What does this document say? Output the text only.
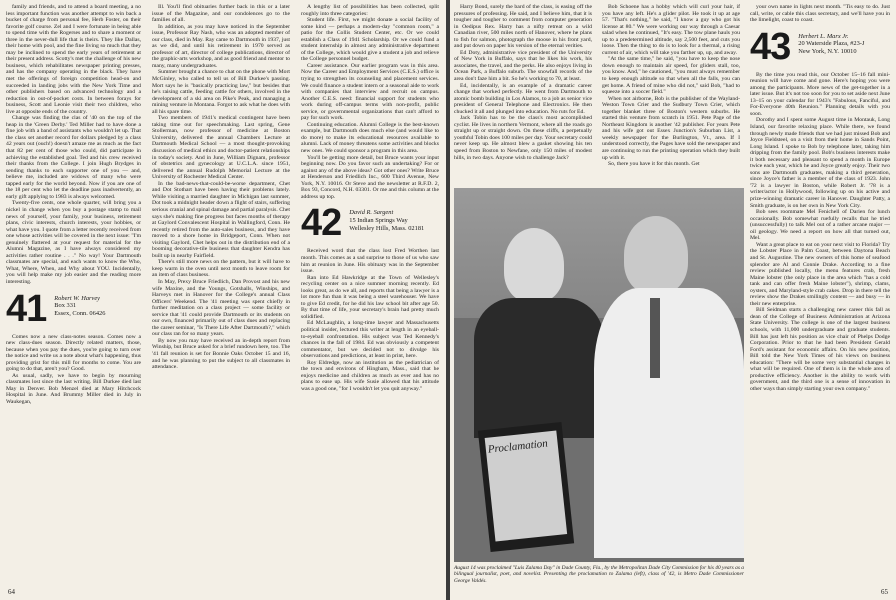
family and friends, and to attend a board meeting, a no less important function was another attempt to win back a bucket of charge from personal fee, Herb Foster, on their favorite golf course. Zel and I were fortunate in being able to spend time with the Rogerses and to share a moment or three in the never-dull life that is theirs. They like Dallas, their home with pool, and the fine living so much that they may be inclined to spend the early years of retirement at their present address. Scotty's met the challenge of his new business, which rehabilitates newspaper printing presses, and has the company operating in the black. They have met the offerings of foreign competition head-on and succeeded in landing jobs with the New York Time and other publishers based on advanced technology and a reduction in out-of-pocket costs. In between forays for business, Scott and Leonie visit their two children, who live at opposite ends of the country.

Change was finding the clas of '40 on the top of the heap in the 'Green Derby.' Ted Miller had to have done a fine job with a band of assistants who wouldn't let up. That the class set another record for dollars pledged by a class 42 years out (ouch!) doesn't amaze me as much as the fact that 82 per cent of those who could, did participate in achieving the established goal. Ted and his crew received their thanks from the College. I join Hugh Brydges in sending thanks to each supporter one of you — and, believe me, included are widows of many who were tapped early for the world beyond. Now if you are one of the 18 per cent who let the deadline pass inadvertently, an early gift applying to 1983 is always welcomed.

Twenty-five cents, one whole quarter, will bring you a nickel in change when you buy a postage stamp to mail news of yourself, your family, your business, retirement plans, civic interests, church interests, your hobbies, or what have you. I quote from a letter recently received from one whose activities will be covered in the next issue: "I'm genuinely flattered at your request for material for the Alumni Magazine, as I have always considered my activities rather routine . . ." No way! Your Dartmouth classmates are special, and each wants to know the Who, What, Where, When, and Why about YOU. Incidentally, you will help make my job easier and the reading more interesting.

41 Robert W. Harvey
Box 331
Essex, Conn. 06426

Comes now a new class-notes season. Comes now a new class-dues season. Directly related matters, those, because when you pay the dues, you're going to turn over the notice and write us a note about what's happening, thus providing grist for this mill for months to come. You are going to do that, aren't you? Good.

As usual, sadly, we have to begin by mourning classmates lost since the last writing. Bill Durkee died last May in Denver. Bob Menzel died at Mary Hitchcock Hospital in June. And Brummy Miller died in July in Waukegan,

Ill. You'll find obituaries further back in this or a later issue of the Magazine, and our condolences go to the families of all.

In addition, as you may have noticed in the September issue, Professor Ray Nash, who was an adopted member of our class, died in May. Ray came to Dartmouth in 1937, just as we did, and until his retirement in 1970 served as professor of art, director of college publications, director of the graphic-arts workshop, and as good friend and mentor to many, many undergraduates.

Summer brought a chance to chat on the phone with Mort McGinley, who called to tell us of Bill Durkee's passing. Mort says he is "basically practicing law," but besides that he's raising cattle, feeding cattle for others, involved in the development of a ski area on Pike's Peak, and managing a mining venture in Montana. Forgot to ask what he does with all his spare time.

Two members of 1941's medical contingent have been taking time out for speechmaking. Last spring, Gene Stollerman, now professor of medicine at Boston University, delivered the annual Chambers Lecture at Dartmouth Medical School — a most thought-provoking discussion of medical ethics and doctor-patient relationships in today's society. And in June, William Dignam, professor of obstetrics and gynecology at U.C.L.A. since 1951, delivered the annual Rudolph Memorial Lecture at the University of Rochester Medical Center.

In the bad-news-that-could-be-worse department, Chet and Dot Stothart have been having their problems lately. While visiting a married daughter in Michigan last summer, Dot took a midnight header down a flight of stairs, suffering serious cranial and spinal damage and partial paralysis. Chet says she's making fine progress but faces months of therapy at Gaylord Convalescent Hospital in Wallingford, Conn. He recently retired from the auto-sales business, and they have moved to a shore home in Bridgeport, Conn. When not visiting Gaylord, Chet helps out in the distribution end of a booming decorative-tile business that daughter Kendra has built up in nearby Fairfield.

There's still more news on the pattern, but it will have to keep warm in the oven until next month to leave room for an item of class business.

In May, Prexy Bruce Friedlich, Dan Provost and his new wife Maxine, and the Youngs, Gotshalls, Winships, and Harveys met in Hanover for the College's annual Class Officers' Weekend. The '41 meeting was spent chiefly in further meditation on a class project — some facility or service that '41 could provide Dartmouth or its students on our own, financed primarily out of class dues and replacing the career seminar, "Is There Life After Dartmouth?," which our class ran for so many years.

By now you may have received an in-depth report from Winship, but Bruce asked for a brief rundown here, too. The '41 fall reunion is set for Bonnie Oaks October 15 and 16, and he was planning to put the subject to all classmates in attendance.

A lengthy list of possibilities has been collected, split roughly into three categories:

Student life. First, we might donate a social facility of some kind — perhaps a modern-day "common room," a patio for the Collis Student Center, etc. Or we could establish a Class of 1941 Scholarship. Or we could fund a student internship in almost any administrative department of the College, which would give a student a job and relieve the College personnel budget.

Career assistance. Our earlier program was in this area. Now the Career and Employment Services (C.E.S.) office is trying to strengthen its counseling and placement services. We could finance a student intern or a seasonal aide to work with companies that interview and recruit on campus. Another C.E.S. need: financial support for students who work during off-campus terms with non-profit, public service, or governmental organizations that can't afford to pay for such work.

Continuing education. Alumni College is the best-known example, but Dartmouth does much else (and would like to do more) to make its educational resources available to alumni. Lack of money threatens some activities and blocks new ones. We could sponsor a program in this area.

You'll be getting more detail, but Bruce wants your input beginning now. Do you favor such an undertaking? For or against any of the above ideas? Got other ones? Write Bruce at Henderson and Friedlich Inc., 600 Third Avenue, New York, N.Y. 10016. Or Steve and the newsletter at R.F.D. 2, Box 93, Concord, N.H. 03301. Or me and this column at the address up top.

42 David R. Sargent
15 Indian Springs Way
Wellesley Hills, Mass. 02181

Received word that the class lost Fred Worthen last month. This comes as a sad surprise to those of us who saw him at reunion in June. His obituary was in the September issue.

Ran into Ed Hawkridge at the Town of Wellesley's recycling center on a nice summer morning recently. Ed looks great, as do we all, and reports that being a lawyer is a lot more fun than it was being a steel warehouser. We have to give Ed credit, for he did his law school bit after age 50. By that time of life, your secretary's brain had pretty much solidified.

Ed McLaughlin, a long-time lawyer and Massachusetts political insider, lectured this writer at length in an eyeball-to-eyeball confrontation. His subject was Ted Kennedy's chances in the fall of 1984. Ed was obviously a competent commentator, but we decided not to divulge his observations and predictions, at least in print, here.

Roy Eldredge, now an institution as the pediatrician of the town and environs of Hingham, Mass., said that he enjoys medicine and children as much as ever and has no plans to ease up. His wife Susie allowed that his attitude was a good one, "for I wouldn't let you quit anyway."

64

Harry Bond, surely the bard of the class, is easing off the pressures of professing. He said, and I believe him, that it is tougher and tougher to comment from computer generation in Oedipus Rex. Harry has a nifty retreat on a wild Canadian river, 500 miles north of Hanover, where he plans to fish for salmon, photograph the moose in his front yard, and put down on paper his version of the eternal verities.

Ed Doty, administrative vice president of the University of New York in Buffalo, says that he likes his work, his associates, the travel, and the perks. He also enjoys living in Ocean Park, a Buffalo suburb. The snowfall records of the area don't faze him a bit. So he's working to 70, at least.

Ed, incidentally, is an example of a dramatic career change that worked perfectly. He went from Dartmouth to atomic bomb building in Los Alamos, to a job as senior vice president of General Telephone and Electronics. He then chucked it all and plunged into education. No ruts for Ed.

Jack Tobin has to be the class's most accomplished cyclist. He lives in northern Vermont, where all the roads go straight up or straight down. On these cliffs, a perpetually youthful Tobin does 100 miles per day. Your secretary could never keep up. He almost blew a gasket showing his ten speed from Boston to Newfane, only 150 miles of modest hills, in two days. Anyone wish to challenge Jack?

Bob Schoene has a hobby which will curl your hair, if you have any left. He's a glider pilot. He took it up at age 57. "That's nothing," he said, "I know a guy who got his license at 80." We were working our way through a Caesar salad when he continued, "It's easy. The tow plane hauls you up to a predetermined altitude, say 2,500 feet, and cuts you loose. Then the thing to do is to look for a thermal, a rising current of air, which will take you farther up, up, and away.

"At the same time," he said, "you have to keep the nose down enough to maintain air speed, for gliders stall, too, you know. And," he cautioned, "you must always remember to keep enough altitude so that when all the falls, you can get home. A friend of mine who did not," said Bob, "had to squeeze into a soccer field."

When not airborne, Bob is the publisher of the Wayland-Weston Town Crier and the Sudbury Town Crier, which together blanket three of Boston's western suburbs. He started this venture from scratch in 1951. Pete Page of the Northeast Kingdom is another '42 publisher. For years Pete and his wife got out Essex Junction's Suburban List, a weekly newspaper for the Burlington, Vt., area. If I understood correctly, the Pages have sold the newspaper and are continuing to run the printing operation which they built up with it.

So, there you have it for this month. Get

your own name in lights next month. "Tis easy to do. Just call, write, or cable this class secretary, and we'll have you in the limelight, coast to coast.

43 Herbert L. Marx Jr.
20 Waterside Plaza, #23-J
New York, N.Y. 10010

By the time you read this, our October 15–16 fall mini-reunion will have come and gone. Here's hoping you were among the participants. More news of the get-together in a later issue. But it's not too soon for you to set aside next June 13–15 on your calendar for 1943's "Fabulous, Fanciful, and For-Everyone 40th Reunion." Planning details with you soon.

Dorothy and I spent some August time in Montauk, Long Island, our favorite relaxing place. While there, we found through newly made friends that we had just missed Bob and Joyce Fieldsteel, on a visit from their home in Sands Point, Long Island. I spoke to Bob by telephone later, taking him dripping from the family pool. Bob's business interests make it both necessary and pleasant to spend a month in Europe twice each year, which he and Joyce greatly enjoy. Their two sons are Dartmouth graduates, making a third generation, since Joyce's father is a member of the class of 1923. John '72 is a lawyer in Boston, while Robert Jr. '78 is a writer/actor in Hollywood, following up on his active and prize-winning dramatic career in Hanover. Daughter Patty, a Smith graduate, is on her own in New York City.

Bob sees roommate Mel Fenichell of Darien for lunch occasionally. Bob somewhat ruefully recalls that he tried (unsuccessfully) to talk Mel out of a rather arcane major — oil geology. We need a report on how all that turned out, Mel.

Want a great place to eat on your next visit to Florida? Try the Lobster Place in Palm Coast, between Daytona Beach and St. Augustine. The new owners of this home of seafood splendor are Al and Connie Drake. According to a fine review published locally, the menu features crab, fresh Maine lobster (the only place in the area which "has a cold tank and can offer fresh Maine lobster"), shrimp, clams, oysters, and Maryland-style crab cakes. Drop in there tell the review show the Drakes smilingly content — and busy — in their new enterprise.

Bill Seidman starts a challenging new career this fall as dean of the College of Business Administration at Arizona State University. The college is one of the largest business schools, with 11,000 undergraduate and graduate students. Bill has just left his position as vice chair of Phelps Dodge Corporation. Prior to that he had been President Gerald Ford's assistant for economic affairs. On his new position, Bill told the New York Times of his views on business education: "There will be some very substantial changes in what will be required. One of them is in the whole area of productive efficiency. Another is the ability to work with government, and the third one is a sense of innovation in other ways than simply starting your own company."

Proclamation
August 14 was proclaimed "Luis Zalama Day" in Dade County, Fla., by the Metropolitan Dade City Commission for his 40 years as a bilingual journalist, poet, and novelist. Presenting the proclamation to Zalama (left), class of '42, is Metro Dade Commissioner George Valdés.
65
